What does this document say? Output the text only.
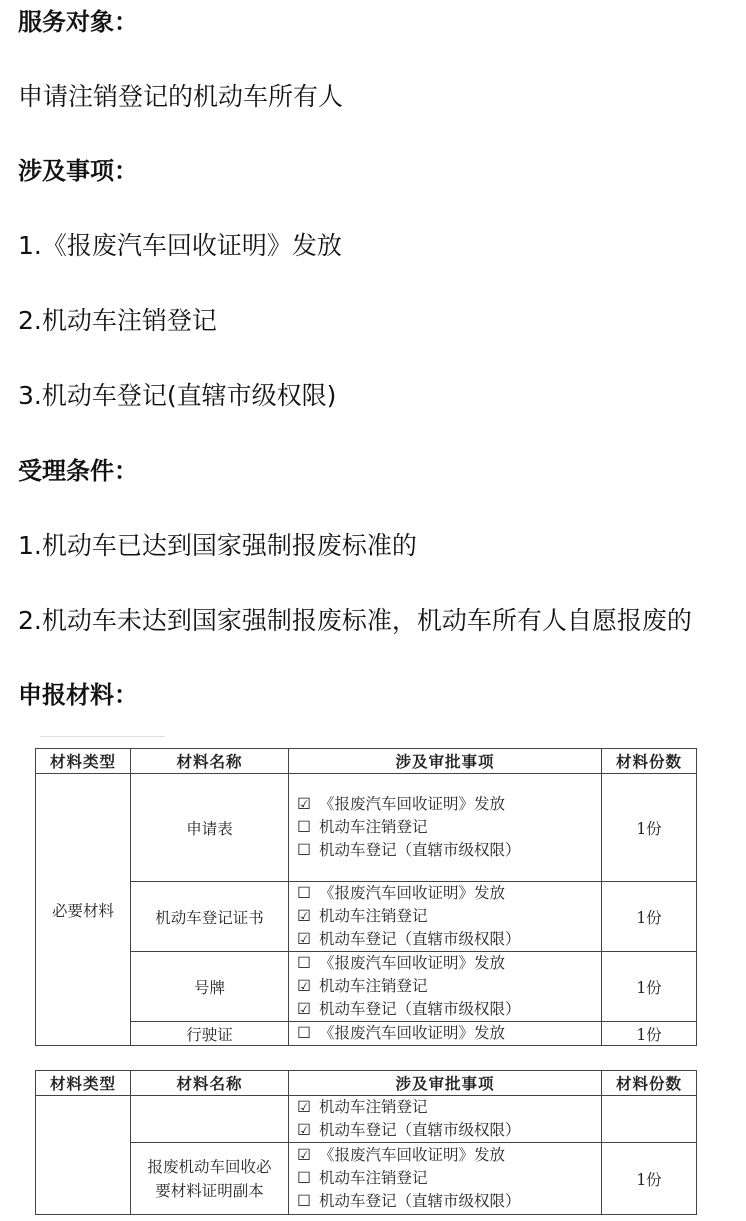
服务对象：
申请注销登记的机动车所有人
涉及事项：
1.《报废汽车回收证明》发放
2.机动车注销登记
3.机动车登记(直辖市级权限)
受理条件：
1.机动车已达到国家强制报废标准的
2.机动车未达到国家强制报废标准，机动车所有人自愿报废的
申报材料：
材料类型	材料名称	涉及审批事项	材料份数
必要材料	申请表	☑ 《报废汽车回收证明》发放
☐ 机动车注销登记
☐ 机动车登记（直辖市级权限）	1份
	机动车登记证书	☐ 《报废汽车回收证明》发放
☑ 机动车注销登记
☑ 机动车登记（直辖市级权限）	1份
	号牌	☐ 《报废汽车回收证明》发放
☑ 机动车注销登记
☑ 机动车登记（直辖市级权限）	1份
	行驶证	☐ 《报废汽车回收证明》发放	1份
材料类型	材料名称	涉及审批事项	材料份数

		☑ 机动车注销登记
☑ 机动车登记（直辖市级权限）	

	报废机动车回收必要材料证明副本	☑ 《报废汽车回收证明》发放
☐ 机动车注销登记
☐ 机动车登记（直辖市级权限）	1份
